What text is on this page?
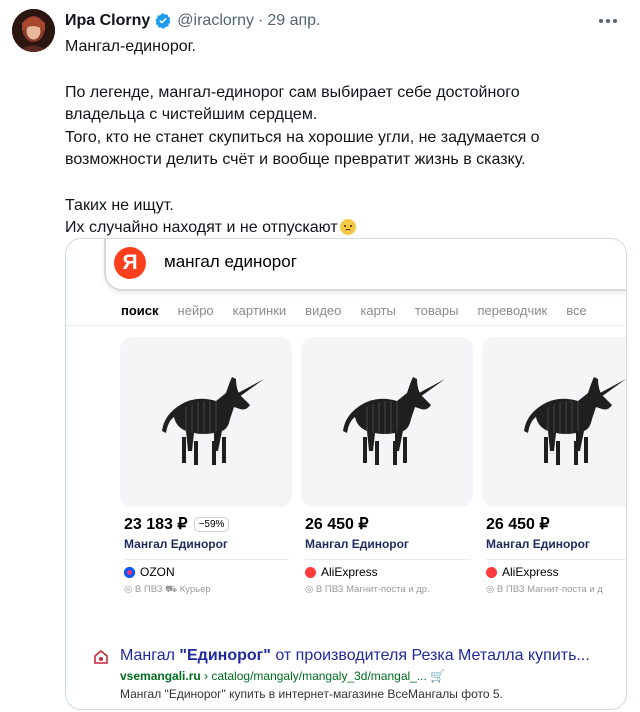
Ира Clorny @iraclorny · 29 апр.

Мангал-единорог.

По легенде, мангал-единорог сам выбирает себе достойного

владельца с чистейшим сердцем.

Того, кто не станет скупиться на хорошие угли, не задумается о

возможности делить счёт и вообще превратит жизнь в сказку.

Таких не ищут.

Их случайно находят и не отпускают

Я	мангал единорог
поиск нейро картинки видео карты товары переводчик все
23 183 ₽ −59%
Мангал Единорог
OZON
◎ В ПВЗ ⛟ Курьер
26 450 ₽
Мангал Единорог
AliExpress
◎ В ПВЗ Магнит-поста и др.
26 450 ₽
Мангал Единорог
AliExpress
◎ В ПВЗ Магнит-поста и д
Мангал "Единорог" от производителя Резка Металла купить...
vsemangali.ru › catalog/mangaly/mangaly_3d/mangal_... 🛒
Мангал "Единорог" купить в интернет-магазине ВсеМангалы фото 5.
